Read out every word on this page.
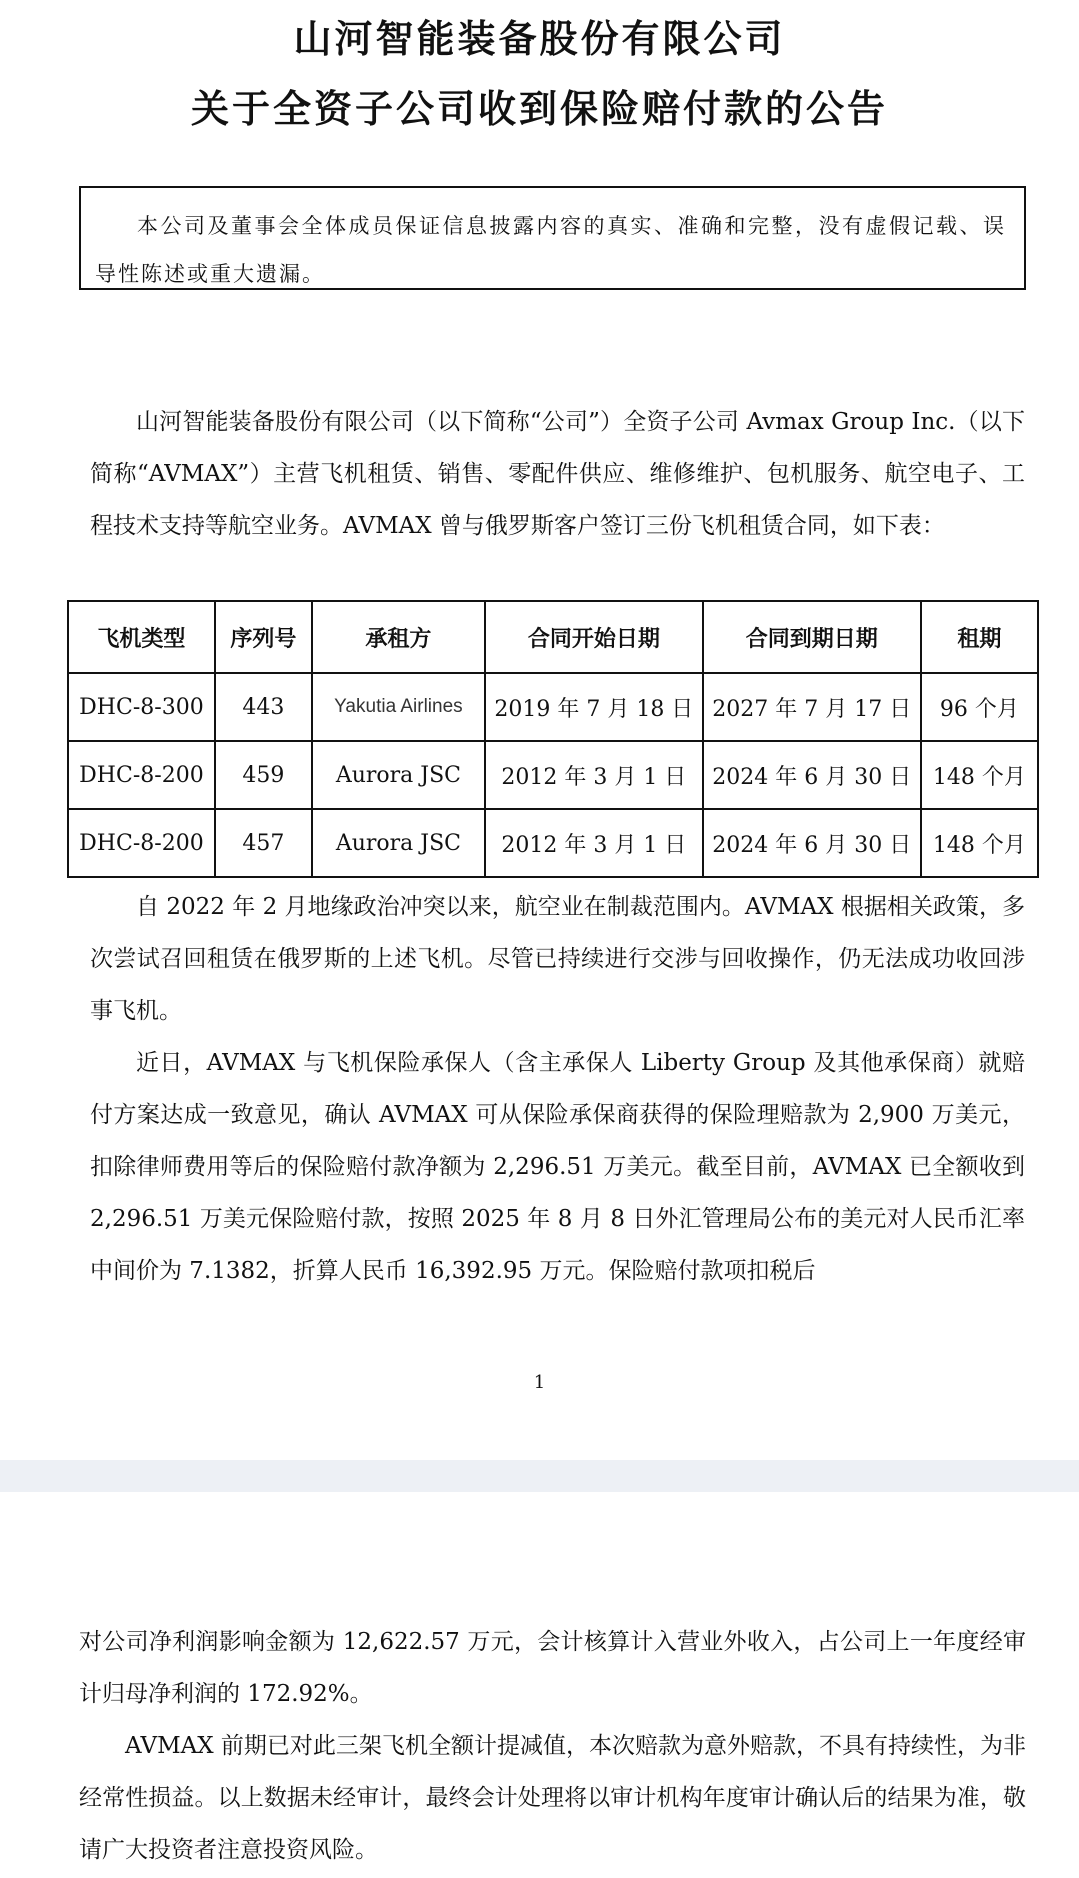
山河智能装备股份有限公司
关于全资子公司收到保险赔付款的公告

本公司及董事会全体成员保证信息披露内容的真实、准确和完整，没有虚假记载、误导性陈述或重大遗漏。

山河智能装备股份有限公司（以下简称“公司”）全资子公司 Avmax Group Inc.（以下简称“AVMAX”）主营飞机租赁、销售、零配件供应、维修维护、包机服务、航空电子、工程技术支持等航空业务。AVMAX 曾与俄罗斯客户签订三份飞机租赁合同，如下表：

飞机类型	序列号	承租方	合同开始日期	合同到期日期	租期
DHC-8-300	443	Yakutia Airlines	2019 年 7 月 18 日	2027 年 7 月 17 日	96 个月
DHC-8-200	459	Aurora JSC	2012 年 3 月 1 日	2024 年 6 月 30 日	148 个月
DHC-8-200	457	Aurora JSC	2012 年 3 月 1 日	2024 年 6 月 30 日	148 个月

自 2022 年 2 月地缘政治冲突以来，航空业在制裁范围内。AVMAX 根据相关政策，多次尝试召回租赁在俄罗斯的上述飞机。尽管已持续进行交涉与回收操作，仍无法成功收回涉事飞机。

近日，AVMAX 与飞机保险承保人（含主承保人 Liberty Group 及其他承保商）就赔付方案达成一致意见，确认 AVMAX 可从保险承保商获得的保险理赔款为 2,900 万美元，扣除律师费用等后的保险赔付款净额为 2,296.51 万美元。截至目前，AVMAX 已全额收到 2,296.51 万美元保险赔付款，按照 2025 年 8 月 8 日外汇管理局公布的美元对人民币汇率中间价为 7.1382，折算人民币 16,392.95 万元。保险赔付款项扣税后

1

对公司净利润影响金额为 12,622.57 万元，会计核算计入营业外收入，占公司上一年度经审计归母净利润的 172.92%。

AVMAX 前期已对此三架飞机全额计提减值，本次赔款为意外赔款，不具有持续性，为非经常性损益。以上数据未经审计，最终会计处理将以审计机构年度审计确认后的结果为准，敬请广大投资者注意投资风险。
